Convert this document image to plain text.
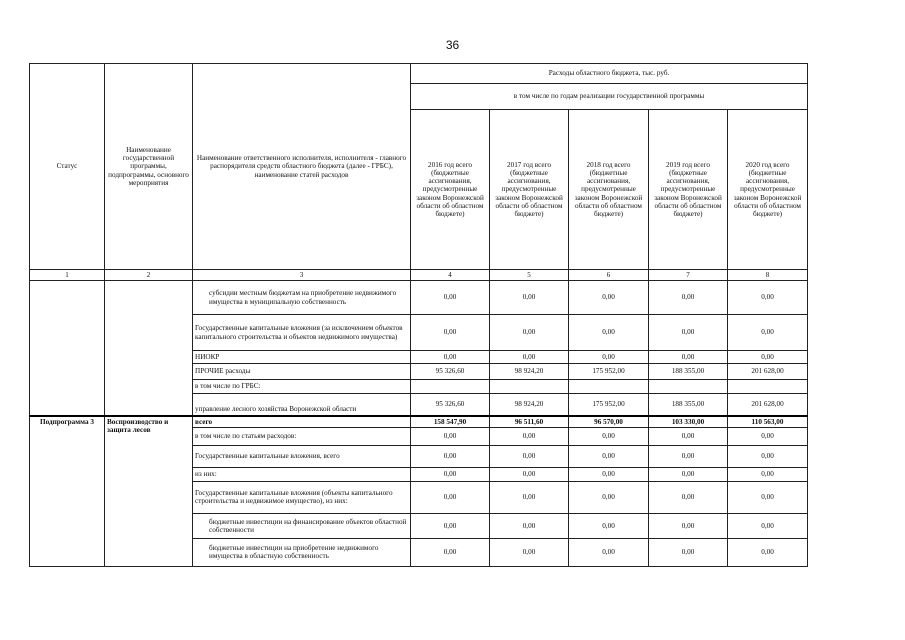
36
Статус	Наименование государственной программы, подпрограммы, основного мероприятия	Наименование ответственного исполнителя, исполнителя - главного распорядителя средств областного бюджета (далее - ГРБС), наименование статей расходов	Расходы областного бюджета, тыс. руб.				
			в том числе по годам реализации государственной программы				
			2016 год всего (бюджетные ассигнования, предусмотренные законом Воронежской области об областном бюджете)	2017 год всего (бюджетные ассигнования, предусмотренные законом Воронежской области об областном бюджете)	2018 год всего (бюджетные ассигнования, предусмотренные законом Воронежской области об областном бюджете)	2019 год всего (бюджетные ассигнования, предусмотренные законом Воронежской области об областном бюджете)	2020 год всего (бюджетные ассигнования, предусмотренные законом Воронежской области об областном бюджете)
1	2	3	4	5	6	7	8
		субсидии местным бюджетам на приобретение недвижимого имущества в муниципальную собственность	0,00	0,00	0,00	0,00	0,00
		Государственные капитальные вложения (за исключением объектов капитального строительства и объектов недвижимого имущества)	0,00	0,00	0,00	0,00	0,00
		НИОКР	0,00	0,00	0,00	0,00	0,00
		ПРОЧИЕ расходы	95 326,60	98 924,20	175 952,00	188 355,00	201 628,00
		в том числе по ГРБС:					
		управление лесного хозяйства Воронежской области	95 326,60	98 924,20	175 952,00	188 355,00	201 628,00
Подпрограмма 3	Воспроизводство и защита лесов	всего	158 547,90	96 511,60	96 570,00	103 330,00	110 563,00
		в том числе по статьям расходов:	0,00	0,00	0,00	0,00	0,00
		Государственные капитальные вложения, всего	0,00	0,00	0,00	0,00	0,00
		из них:	0,00	0,00	0,00	0,00	0,00
		Государственные капитальные вложения (объекты капитального строительства и недвижимое имущество), из них:	0,00	0,00	0,00	0,00	0,00
		бюджетные инвестиции на финансирование объектов областной собственности	0,00	0,00	0,00	0,00	0,00
		бюджетные инвестиции на приобретение недвижимого имущества в областную собственность	0,00	0,00	0,00	0,00	0,00
